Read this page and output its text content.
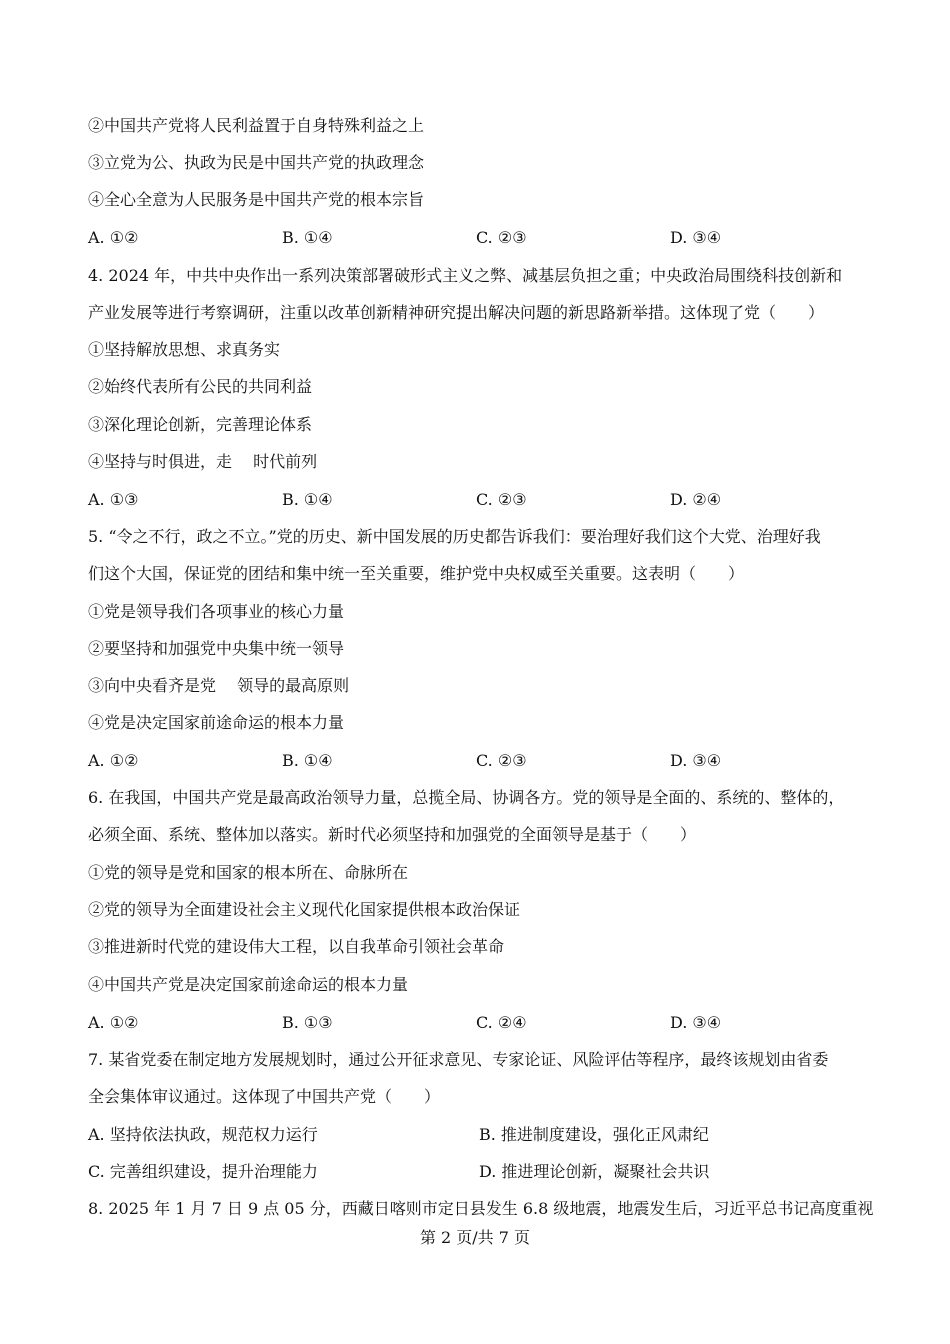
②中国共产党将人民利益置于自身特殊利益之上
③立党为公、执政为民是中国共产党的执政理念
④全心全意为人民服务是中国共产党的根本宗旨
A. ①②	B. ①④	C. ②③	D. ③④
4. 2024 年，中共中央作出一系列决策部署破形式主义之弊、减基层负担之重；中央政治局围绕科技创新和
产业发展等进行考察调研，注重以改革创新精神研究提出解决问题的新思路新举措。这体现了党（　　）
①坚持解放思想、求真务实
②始终代表所有公民的共同利益
③深化理论创新，完善理论体系
④坚持与时俱进，走　 时代前列
A. ①③	B. ①④	C. ②③	D. ②④
5. “令之不行，政之不立。”党的历史、新中国发展的历史都告诉我们：要治理好我们这个大党、治理好我
们这个大国，保证党的团结和集中统一至关重要，维护党中央权威至关重要。这表明（　　）
①党是领导我们各项事业的核心力量
②要坚持和加强党中央集中统一领导
③向中央看齐是党　 领导的最高原则
④党是决定国家前途命运的根本力量
A. ①②	B. ①④	C. ②③	D. ③④
6. 在我国，中国共产党是最高政治领导力量，总揽全局、协调各方。党的领导是全面的、系统的、整体的，
必须全面、系统、整体加以落实。新时代必须坚持和加强党的全面领导是基于（　　）
①党的领导是党和国家的根本所在、命脉所在
②党的领导为全面建设社会主义现代化国家提供根本政治保证
③推进新时代党的建设伟大工程，以自我革命引领社会革命
④中国共产党是决定国家前途命运的根本力量
A. ①②	B. ①③	C. ②④	D. ③④
7. 某省党委在制定地方发展规划时，通过公开征求意见、专家论证、风险评估等程序，最终该规划由省委
全会集体审议通过。这体现了中国共产党（　　）
A. 坚持依法执政，规范权力运行	B. 推进制度建设，强化正风肃纪
C. 完善组织建设，提升治理能力	D. 推进理论创新，凝聚社会共识
8. 2025 年 1 月 7 日 9 点 05 分，西藏日喀则市定日县发生 6.8 级地震，地震发生后，习近平总书记高度重视
第 2 页/共 7 页
